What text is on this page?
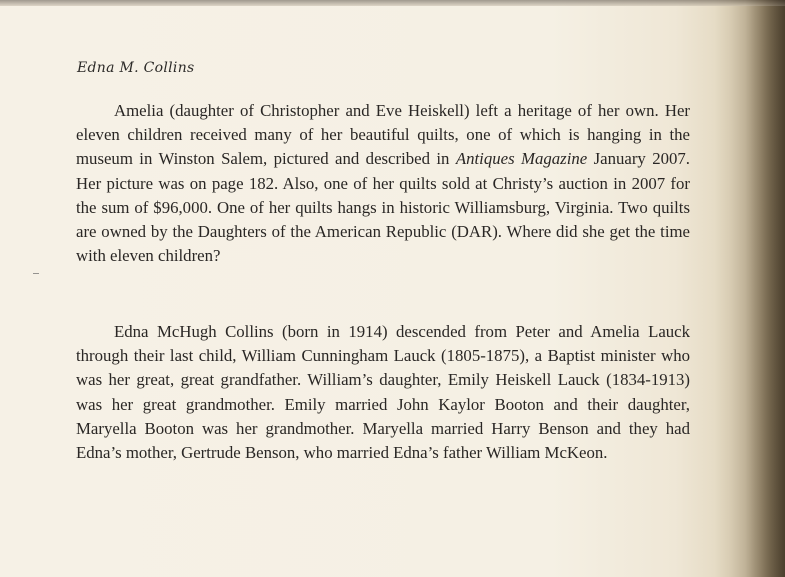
Edna M. Collins

Amelia (daughter of Christopher and Eve Heiskell) left a heritage of her own. Her eleven children received many of her beautiful quilts, one of which is hanging in the museum in Winston Salem, pictured and described in Antiques Magazine January 2007. Her picture was on page 182. Also, one of her quilts sold at Christy’s auction in 2007 for the sum of $96,000. One of her quilts hangs in historic Williamsburg, Virginia. Two quilts are owned by the Daughters of the American Republic (DAR). Where did she get the time with eleven children?

Edna McHugh Collins (born in 1914) descended from Peter and Amelia Lauck through their last child, William Cunningham Lauck (1805-1875), a Baptist minister who was her great, great grandfather. William’s daughter, Emily Heiskell Lauck (1834-1913) was her great grandmother. Emily married John Kaylor Booton and their daughter, Maryella Booton was her grandmother. Maryella married Harry Benson and they had Edna’s mother, Gertrude Benson, who married Edna’s father William McKeon.
